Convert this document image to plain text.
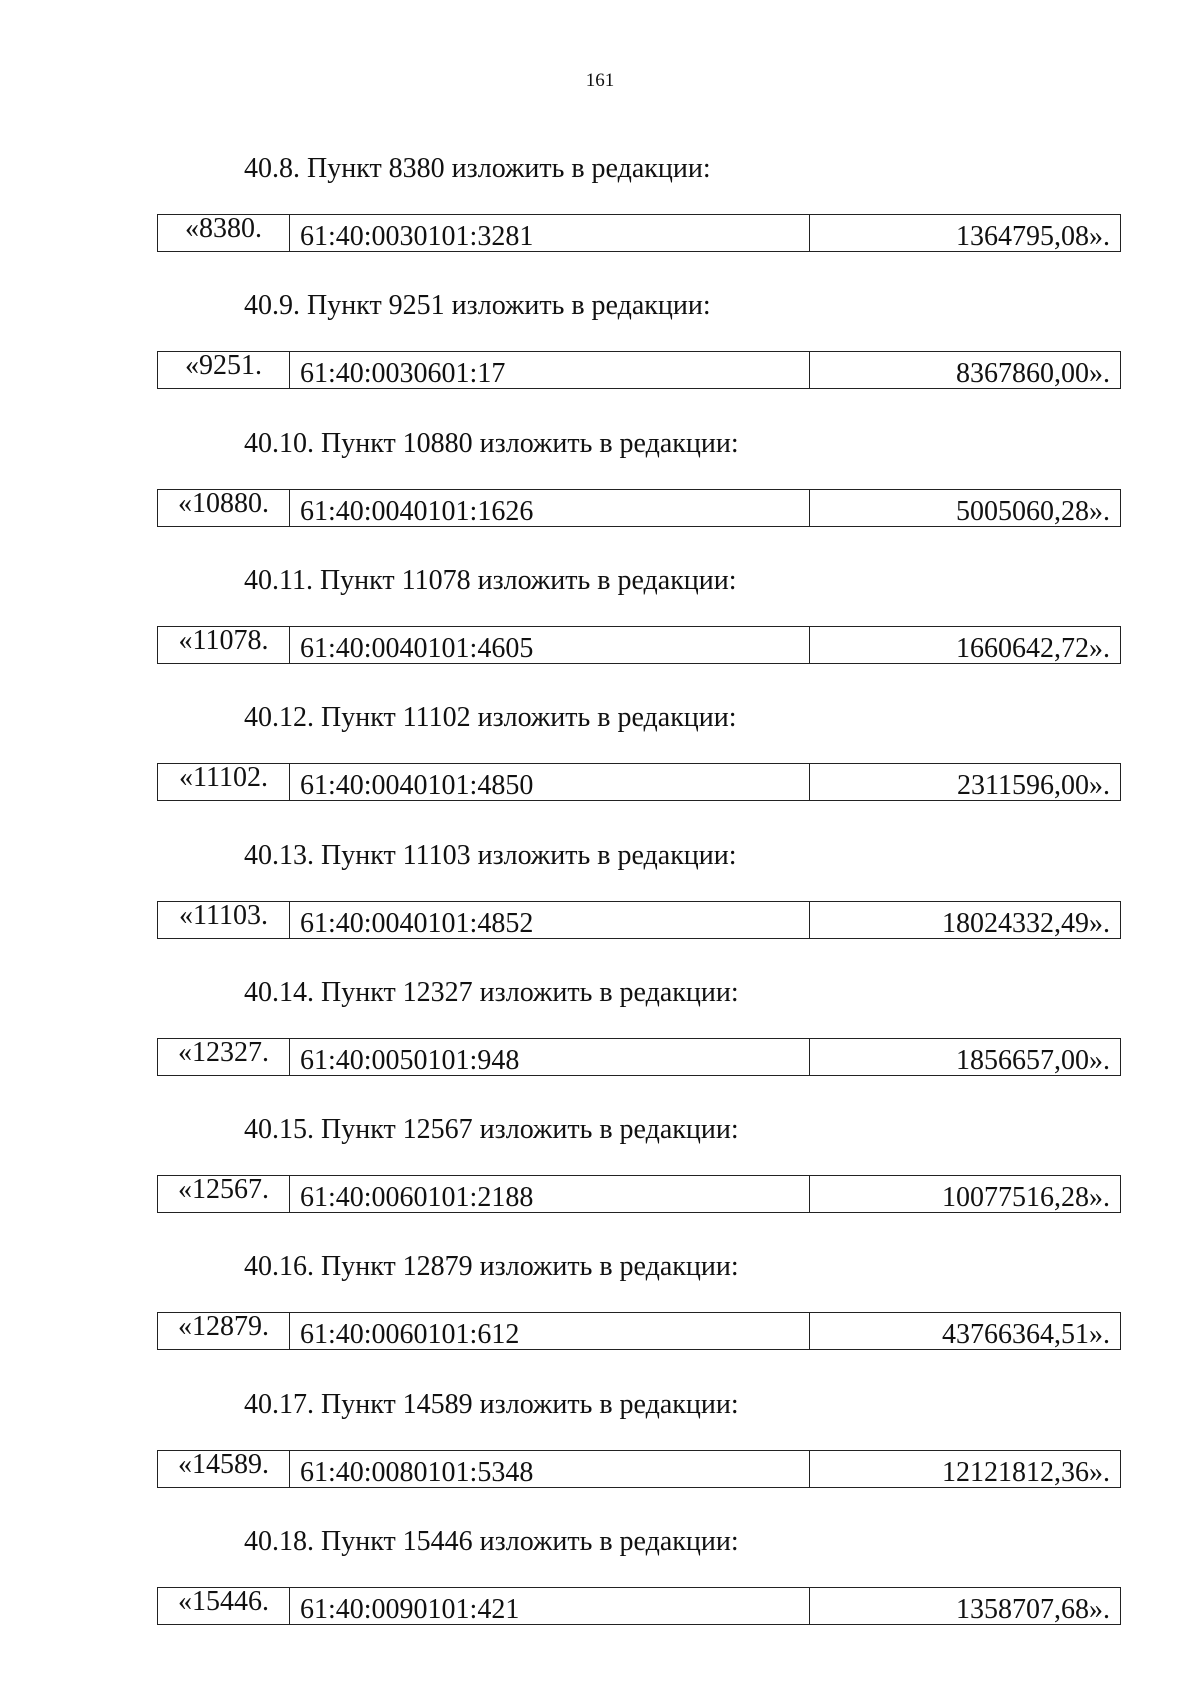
161
40.8. Пункт 8380 изложить в редакции:
«8380.	61:40:0030101:3281	1364795,08».
40.9. Пункт 9251 изложить в редакции:
«9251.	61:40:0030601:17	8367860,00».
40.10. Пункт 10880 изложить в редакции:
«10880.	61:40:0040101:1626	5005060,28».
40.11. Пункт 11078 изложить в редакции:
«11078.	61:40:0040101:4605	1660642,72».
40.12. Пункт 11102 изложить в редакции:
«11102.	61:40:0040101:4850	2311596,00».
40.13. Пункт 11103 изложить в редакции:
«11103.	61:40:0040101:4852	18024332,49».
40.14. Пункт 12327 изложить в редакции:
«12327.	61:40:0050101:948	1856657,00».
40.15. Пункт 12567 изложить в редакции:
«12567.	61:40:0060101:2188	10077516,28».
40.16. Пункт 12879 изложить в редакции:
«12879.	61:40:0060101:612	43766364,51».
40.17. Пункт 14589 изложить в редакции:
«14589.	61:40:0080101:5348	12121812,36».
40.18. Пункт 15446 изложить в редакции:
«15446.	61:40:0090101:421	1358707,68».
